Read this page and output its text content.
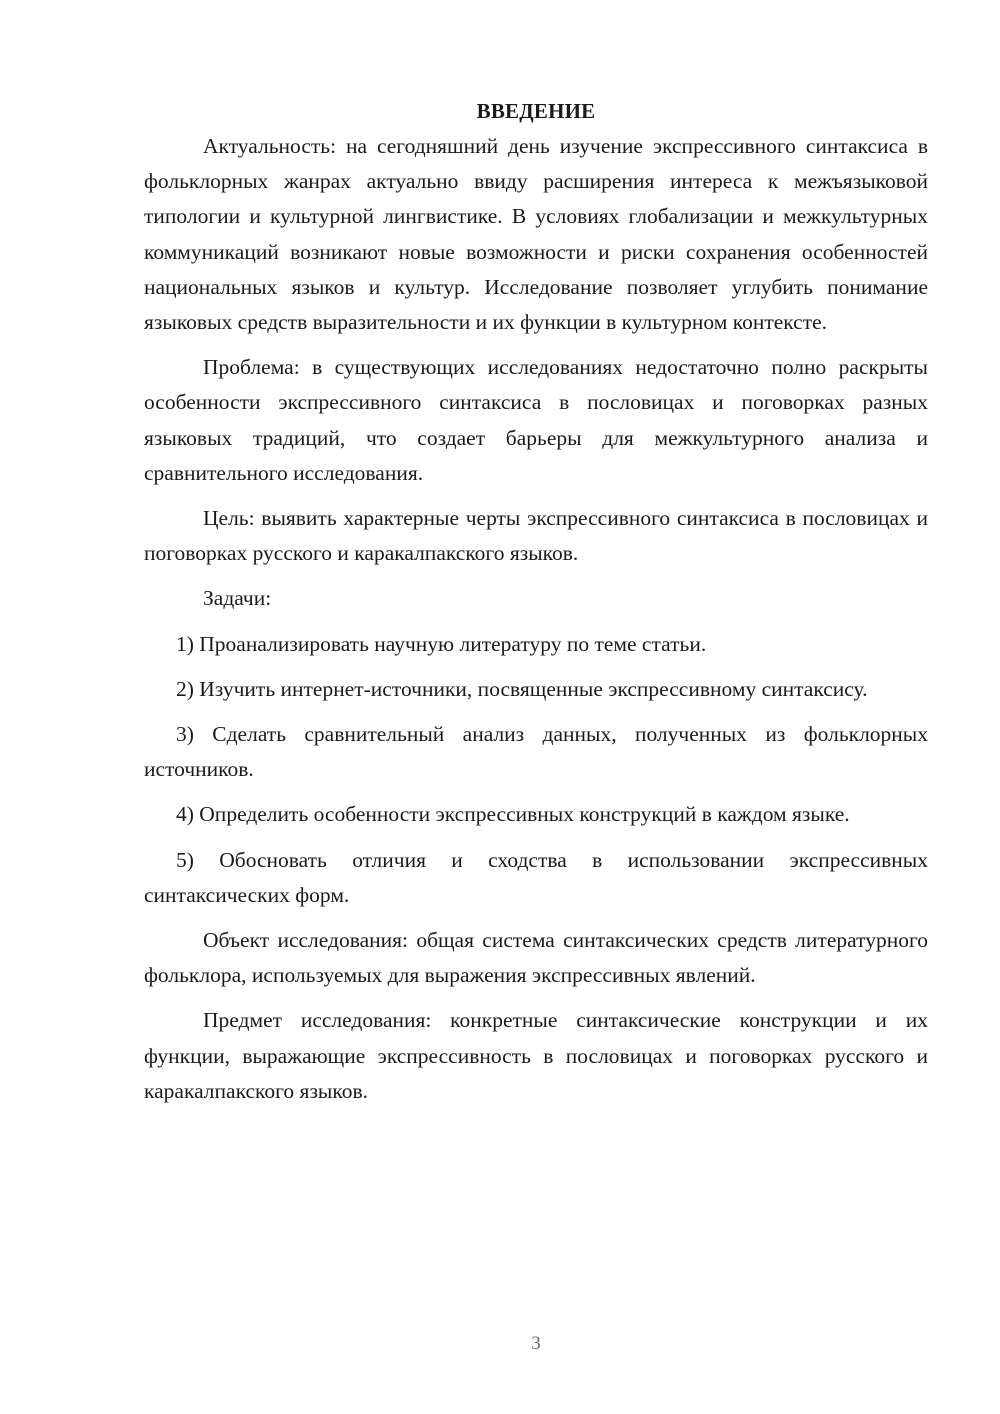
ВВЕДЕНИЕ

Актуальность: на сегодняшний день изучение экспрессивного синтаксиса в фольклорных жанрах актуально ввиду расширения интереса к межъязыковой типологии и культурной лингвистике. В условиях глобализации и межкультурных коммуникаций возникают новые возможности и риски сохранения особенностей национальных языков и культур. Исследование позволяет углубить понимание языковых средств выразительности и их функции в культурном контексте.

Проблема: в существующих исследованиях недостаточно полно раскрыты особенности экспрессивного синтаксиса в пословицах и поговорках разных языковых традиций, что создает барьеры для межкультурного анализа и сравнительного исследования.

Цель: выявить характерные черты экспрессивного синтаксиса в пословицах и поговорках русского и каракалпакского языков.

Задачи:

1) Проанализировать научную литературу по теме статьи.

2) Изучить интернет-источники, посвященные экспрессивному синтаксису.

3) Сделать сравнительный анализ данных, полученных из фольклорных источников.

4) Определить особенности экспрессивных конструкций в каждом языке.

5) Обосновать отличия и сходства в использовании экспрессивных синтаксических форм.

Объект исследования: общая система синтаксических средств литературного фольклора, используемых для выражения экспрессивных явлений.

Предмет исследования: конкретные синтаксические конструкции и их функции, выражающие экспрессивность в пословицах и поговорках русского и каракалпакского языков.

3
